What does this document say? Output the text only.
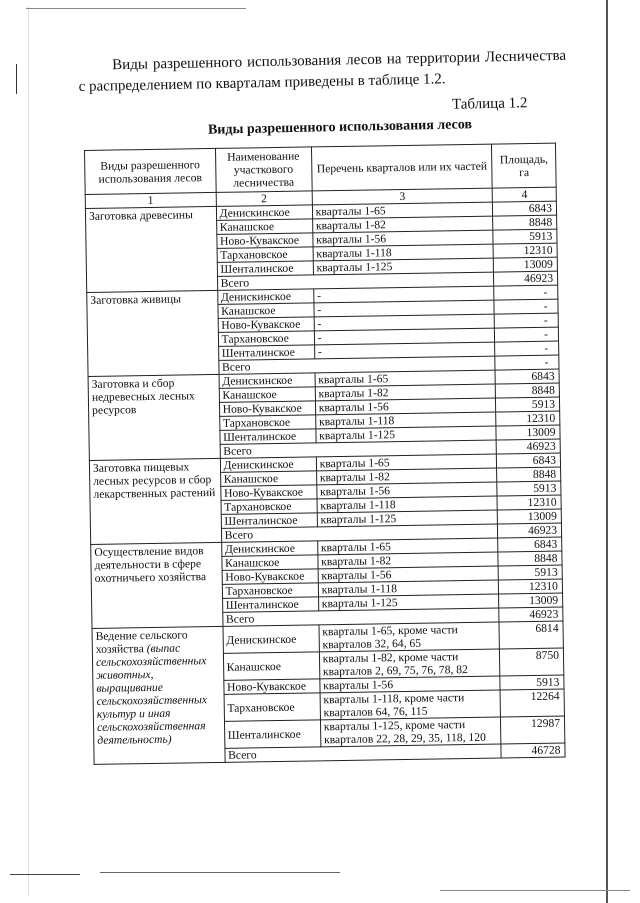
Виды разрешенного использования лесов на территории Лесничества с распределением по кварталам приведены в таблице 1.2.

Таблица 1.2
Виды разрешенного использования лесов
Виды разрешенного использования лесов	Наименование участкового лесничества	Перечень кварталов или их частей	Площадь, га
1	2	3	4
Заготовка древесины	Денискинское	кварталы 1-65	6843
	Канашское	кварталы 1-82	8848
	Ново-Кувакское	кварталы 1-56	5913
	Тархановское	кварталы 1-118	12310
	Шенталинское	кварталы 1-125	13009
	Всего		46923
Заготовка живицы	Денискинское	-	-
	Канашское	-	-
	Ново-Кувакское	-	-
	Тархановское	-	-
	Шенталинское	-	-
	Всего		-
Заготовка и сбор недревесных лесных ресурсов	Денискинское	кварталы 1-65	6843
	Канашское	кварталы 1-82	8848
	Ново-Кувакское	кварталы 1-56	5913
	Тархановское	кварталы 1-118	12310
	Шенталинское	кварталы 1-125	13009
	Всего		46923
Заготовка пищевых лесных ресурсов и сбор лекарственных растений	Денискинское	кварталы 1-65	6843
	Канашское	кварталы 1-82	8848
	Ново-Кувакское	кварталы 1-56	5913
	Тархановское	кварталы 1-118	12310
	Шенталинское	кварталы 1-125	13009
	Всего		46923
Осуществление видов деятельности в сфере охотничьего хозяйства	Денискинское	кварталы 1-65	6843
	Канашское	кварталы 1-82	8848
	Ново-Кувакское	кварталы 1-56	5913
	Тархановское	кварталы 1-118	12310
	Шенталинское	кварталы 1-125	13009
	Всего		46923
Ведение сельского хозяйства (выпас сельскохозяйственных животных, выращивание сельскохозяйственных культур и иная сельскохозяйственная деятельность)	Денискинское	кварталы 1-65, кроме части кварталов 32, 64, 65	6814
	Канашское	кварталы 1-82, кроме части кварталов 2, 69, 75, 76, 78, 82	8750
	Ново-Кувакское	кварталы 1-56	5913
	Тархановское	кварталы 1-118, кроме части кварталов 64, 76, 115	12264
	Шенталинское	кварталы 1-125, кроме части кварталов 22, 28, 29, 35, 118, 120	12987
	Всего		46728
